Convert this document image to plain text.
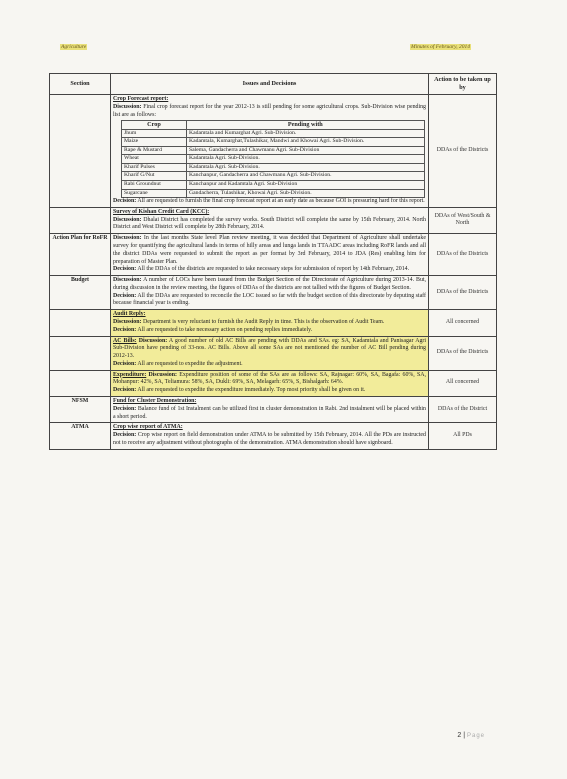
Agriculture	Minutes of February, 2014
Section	Issues and Decisions	Action to be taken up by

Crop Forecast report:

Discussion: Final crop forecast report for the year 2012-13 is still pending for some agricultural crops. Sub-Division wise pending list are as follows:

Crop	Pending with
Jhum	Kadamtala and Kumarghat Agri. Sub-Division.
Maize	Kadamtala, Kumarghat,Tulashikar, Mandwi and Khowai Agri. Sub-Division.
Rape & Mustard	Salema, Gandacherra and Chawmanu Agri. Sub-Division
Wheat	Kadamtala Agri. Sub-Division.
Kharif Pulses	Kadamtala Agri. Sub-Division.
Kharif G/Nut	Kanchanpur, Gandacherra and Chawmanu Agri. Sub-Division.
Rabi Groundnut	Kanchanpur and Kadamtala Agri. Sub-Division
Sugarcane	Gandacherra, Tulashikar, Khowai Agri. Sub-Division.

Decision: All are requested to furnish the final crop forecast report at an early date as because GOI is pressuring hard for this report.

	DDAs of the Districts

Survey of Kishan Credit Card (KCC):

Discussion: Dhalai District has completed the survey works. South District will complete the same by 15th February, 2014. North District and West District will complete by 28th February, 2014.

	DDAs of West/South & North
Action Plan for RoFR	Discussion: In the last months State level Plan review meeting, it was decided that Department of Agriculture shall undertake survey for quantifying the agricultural lands in terms of hilly areas and lunga lands in TTAADC areas including RoFR lands and all the district DDAs were requested to submit the report as per format by 3rd February, 2014 to JDA (Res) enabling him for preparation of Master Plan.

Decision: All the DDAs of the districts are requested to take necessary steps for submission of report by 14th February, 2014.

	DDAs of the Districts
Budget	Discussion: A number of LOCs have been issued from the Budget Section of the Directorate of Agriculture during 2013-14. But, during discussion in the review meeting, the figures of DDAs of the districts are not tallied with the figures of Budget Section.

Decision: All the DDAs are requested to reconcile the LOC issued so far with the budget section of this directorate by deputing staff because financial year is ending.

	DDAs of the Districts

Audit Reply:

Discussion: Department is very reluctant to furnish the Audit Reply in time. This is the observation of Audit Team.

Decision: All are requested to take necessary action on pending replies immediately.

	All concerned

AC Bills: Discussion: A good number of old AC Bills are pending with DDAs and SAs. eg: SA, Kadamtala and Panisagar Agri Sub-Division have pending of 33-nos. AC Bills. Above all some SAs are not mentioned the number of AC Bill pending during 2012-13.

Decision: All are requested to expedite the adjustment.

	DDAs of the Districts

Expenditure: Discussion: Expenditure position of some of the SAs are as follows: SA, Rajnagar: 60%, SA, Bagafa: 60%, SA, Mohanpur: 42%, SA, Teliamura: 58%, SA, Dukli: 69%, SA, Melagarh: 65%, S, Bishalgarh: 64%.

Decision: All are requested to expedite the expenditure immediately. Top most priority shall be given on it.

	All concerned
NFSM	Fund for Cluster Demonstration:

Decision: Balance fund of 1st Instalment can be utilized first in cluster demonstration in Rabi. 2nd instalment will be placed within a short period.

	DDAs of the District
ATMA	Crop wise report of ATMA:

Decision: Crop wise report on field demonstration under ATMA to be submitted by 15th February, 2014. All the PDs are instructed not to receive any adjustment without photographs of the demonstration. ATMA demonstration should have signboard.

	All PDs
2 | Page
